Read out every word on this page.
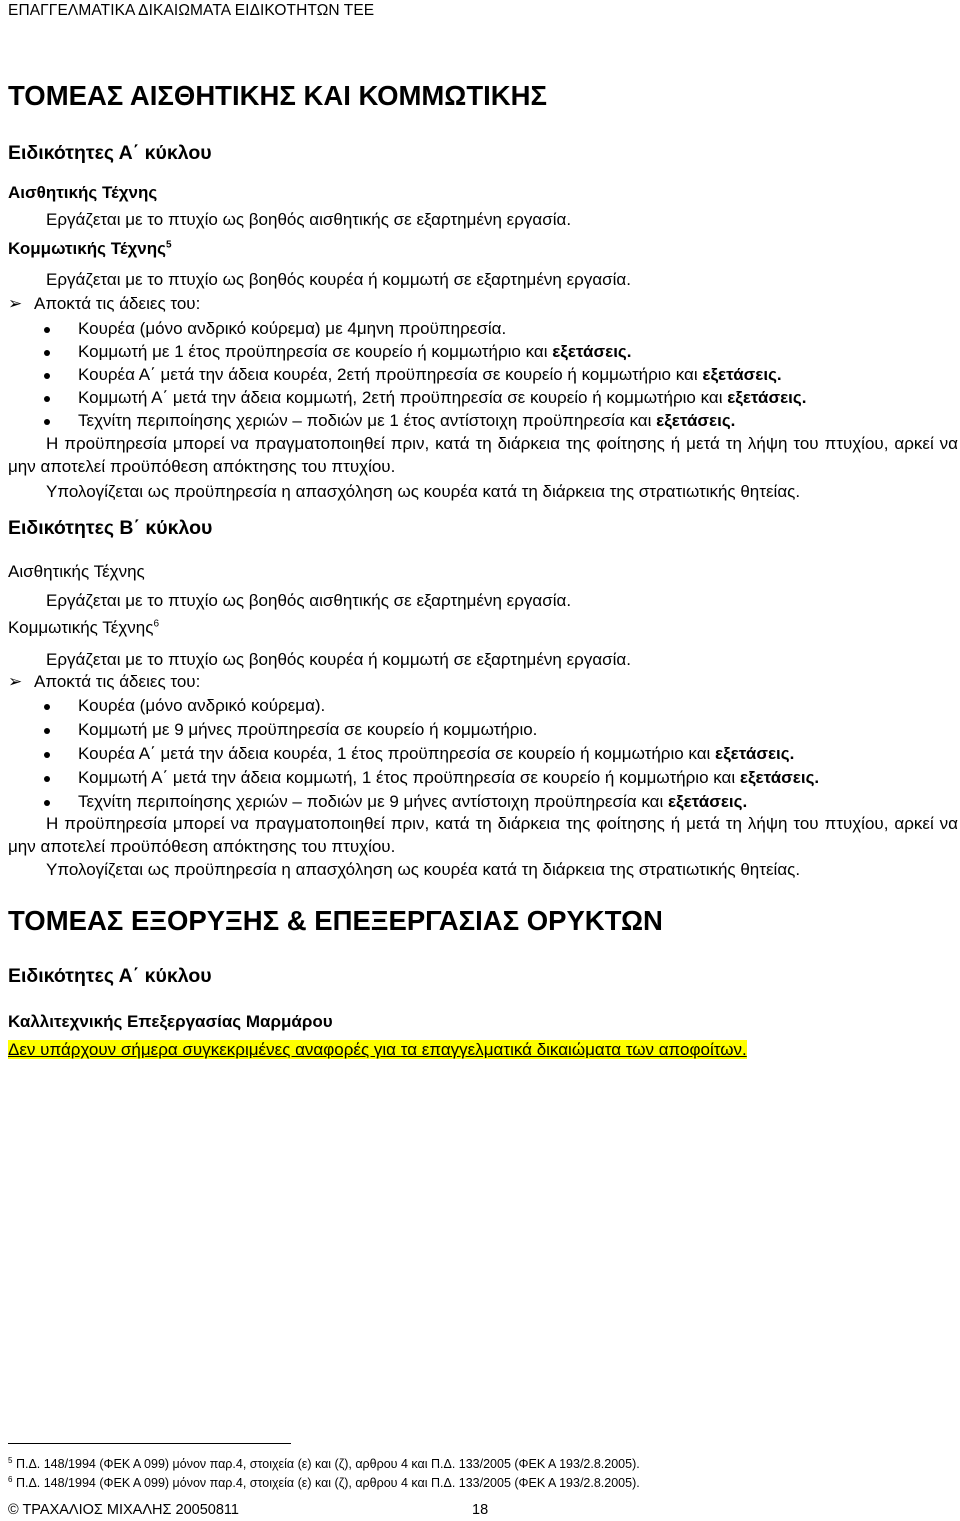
ΕΠΑΓΓΕΛΜΑΤΙΚΑ ΔΙΚΑΙΩΜΑΤΑ ΕΙΔΙΚΟΤΗΤΩΝ ΤΕΕ
ΤΟΜΕΑΣ ΑΙΣΘΗΤΙΚΗΣ ΚΑΙ ΚΟΜΜΩΤΙΚΗΣ
Ειδικότητες Α΄ κύκλου
Αισθητικής Τέχνης
Εργάζεται με το πτυχίο ως βοηθός αισθητικής σε εξαρτημένη εργασία.
Κομμωτικής Τέχνης$^5$
Εργάζεται με το πτυχίο ως βοηθός κουρέα ή κομμωτή σε εξαρτημένη εργασία.
➢ Αποκτά τις άδειες του:
Κουρέα (μόνο ανδρικό κούρεμα) με 4μηνη προϋπηρεσία.
Κομμωτή με 1 έτος προϋπηρεσία σε κουρείο ή κομμωτήριο και εξετάσεις.
Κουρέα Α΄ μετά την άδεια κουρέα, 2ετή προϋπηρεσία σε κουρείο ή κομμωτήριο και εξετάσεις.
Κομμωτή Α΄ μετά την άδεια κομμωτή, 2ετή προϋπηρεσία σε κουρείο ή κομμωτήριο και εξετάσεις.
Τεχνίτη περιποίησης χεριών – ποδιών με 1 έτος αντίστοιχη προϋπηρεσία και εξετάσεις.
Η προϋπηρεσία μπορεί να πραγματοποιηθεί πριν, κατά τη διάρκεια της φοίτησης ή μετά τη λήψη του πτυχίου, αρκεί να μην αποτελεί προϋπόθεση απόκτησης του πτυχίου.
Υπολογίζεται ως προϋπηρεσία η απασχόληση ως κουρέα κατά τη διάρκεια της στρατιωτικής θητείας.
Ειδικότητες Β΄ κύκλου
Αισθητικής Τέχνης
Εργάζεται με το πτυχίο ως βοηθός αισθητικής σε εξαρτημένη εργασία.
Κομμωτικής Τέχνης$^6$
Εργάζεται με το πτυχίο ως βοηθός κουρέα ή κομμωτή σε εξαρτημένη εργασία.
➢ Αποκτά τις άδειες του:
Κουρέα (μόνο ανδρικό κούρεμα).
Κομμωτή με 9 μήνες προϋπηρεσία σε κουρείο ή κομμωτήριο.
Κουρέα Α΄ μετά την άδεια κουρέα, 1 έτος προϋπηρεσία σε κουρείο ή κομμωτήριο και εξετάσεις.
Κομμωτή Α΄ μετά την άδεια κομμωτή, 1 έτος προϋπηρεσία σε κουρείο ή κομμωτήριο και εξετάσεις.
Τεχνίτη περιποίησης χεριών – ποδιών με 9 μήνες αντίστοιχη προϋπηρεσία και εξετάσεις.
Η προϋπηρεσία μπορεί να πραγματοποιηθεί πριν, κατά τη διάρκεια της φοίτησης ή μετά τη λήψη του πτυχίου, αρκεί να μην αποτελεί προϋπόθεση απόκτησης του πτυχίου.
Υπολογίζεται ως προϋπηρεσία η απασχόληση ως κουρέα κατά τη διάρκεια της στρατιωτικής θητείας.
ΤΟΜΕΑΣ ΕΞΟΡΥΞΗΣ & ΕΠΕΞΕΡΓΑΣΙΑΣ ΟΡΥΚΤΩΝ
Ειδικότητες Α΄ κύκλου
Καλλιτεχνικής Επεξεργασίας Μαρμάρου
Δεν υπάρχουν σήμερα συγκεκριμένες αναφορές για τα επαγγελματικά δικαιώματα των αποφοίτων.
$^5$ Π.Δ. 148/1994 (ΦΕΚ Α 099) μόνον παρ.4, στοιχεία (ε) και (ζ), αρθρου 4 και Π.Δ. 133/2005 (ΦΕΚ Α 193/2.8.2005).
$^6$ Π.Δ. 148/1994 (ΦΕΚ Α 099) μόνον παρ.4, στοιχεία (ε) και (ζ), αρθρου 4 και Π.Δ. 133/2005 (ΦΕΚ Α 193/2.8.2005).
© ΤΡΑΧΑΛΙΟΣ ΜΙΧΑΛΗΣ 20050811	18
